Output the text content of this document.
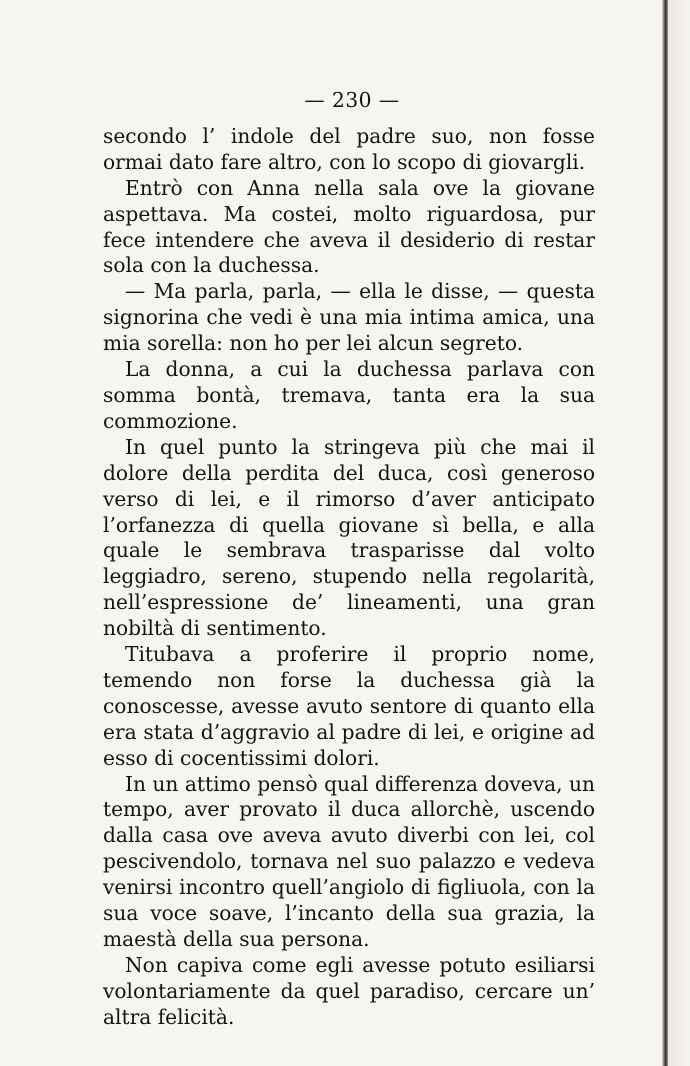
— 230 —

secondo l’ indole del padre suo, non fosse ormai dato fare altro, con lo scopo di giovargli.

Entrò con Anna nella sala ove la giovane aspettava. Ma costei, molto riguardosa, pur fece intendere che aveva il desiderio di restar sola con la duchessa.

— Ma parla, parla, — ella le disse, — questa signorina che vedi è una mia intima amica, una mia sorella: non ho per lei alcun segreto.

La donna, a cui la duchessa parlava con somma bontà, tremava, tanta era la sua commozione.

In quel punto la stringeva più che mai il dolore della perdita del duca, così generoso verso di lei, e il rimorso d’aver anticipato l’orfanezza di quella giovane sì bella, e alla quale le sembrava trasparisse dal volto leggiadro, sereno, stupendo nella regolarità, nell’espressione de’ lineamenti, una gran nobiltà di sentimento.

Titubava a proferire il proprio nome, temendo non forse la duchessa già la conoscesse, avesse avuto sentore di quanto ella era stata d’aggravio al padre di lei, e origine ad esso di cocentissimi dolori.

In un attimo pensò qual differenza doveva, un tempo, aver provato il duca allorchè, uscendo dalla casa ove aveva avuto diverbi con lei, col pescivendolo, tornava nel suo palazzo e vedeva venirsi incontro quell’angiolo di figliuola, con la sua voce soave, l’incanto della sua grazia, la maestà della sua persona.

Non capiva come egli avesse potuto esiliarsi volontariamente da quel paradiso, cercare un’ altra felicità.
